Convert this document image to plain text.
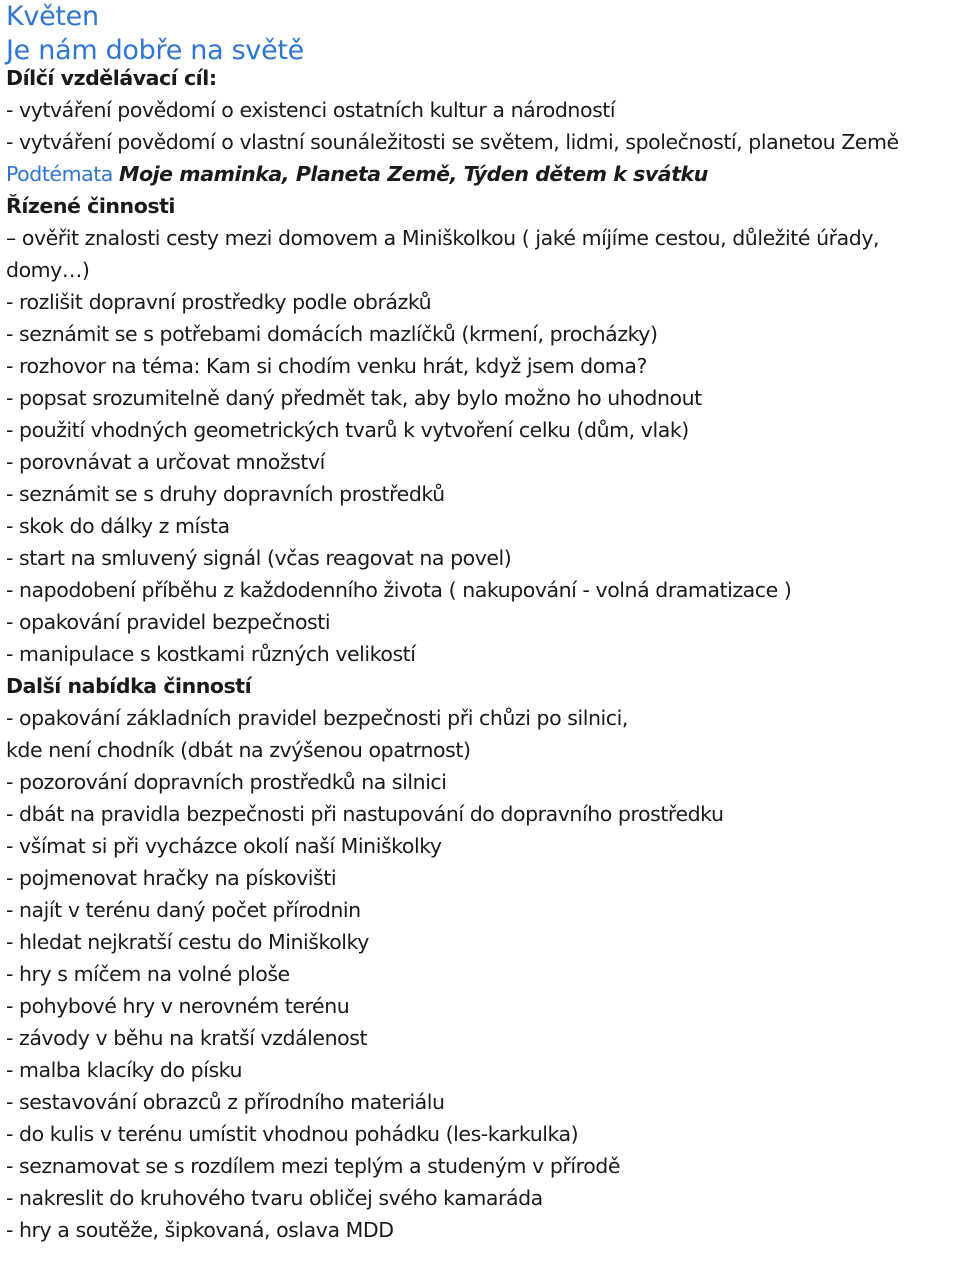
Květen
Je nám dobře na světě
Dílčí vzdělávací cíl:
- vytváření povědomí o existenci ostatních kultur a národností
- vytváření povědomí o vlastní sounáležitosti se světem, lidmi, společností, planetou Země
Podtémata Moje maminka, Planeta Země, Týden dětem k svátku
Řízené činnosti
– ověřit znalosti cesty mezi domovem a Miniškolkou ( jaké míjíme cestou, důležité úřady,
domy…)
- rozlišit dopravní prostředky podle obrázků
- seznámit se s potřebami domácích mazlíčků (krmení, procházky)
- rozhovor na téma: Kam si chodím venku hrát, když jsem doma?
- popsat srozumitelně daný předmět tak, aby bylo možno ho uhodnout
- použití vhodných geometrických tvarů k vytvoření celku (dům, vlak)
- porovnávat a určovat množství
- seznámit se s druhy dopravních prostředků
- skok do dálky z místa
- start na smluvený signál (včas reagovat na povel)
- napodobení příběhu z každodenního života ( nakupování - volná dramatizace )
- opakování pravidel bezpečnosti
- manipulace s kostkami různých velikostí
Další nabídka činností
- opakování základních pravidel bezpečnosti při chůzi po silnici,
kde není chodník (dbát na zvýšenou opatrnost)
- pozorování dopravních prostředků na silnici
- dbát na pravidla bezpečnosti při nastupování do dopravního prostředku
- všímat si při vycházce okolí naší Miniškolky
- pojmenovat hračky na pískovišti
- najít v terénu daný počet přírodnin
- hledat nejkratší cestu do Miniškolky
- hry s míčem na volné ploše
- pohybové hry v nerovném terénu
- závody v běhu na kratší vzdálenost
- malba klacíky do písku
- sestavování obrazců z přírodního materiálu
- do kulis v terénu umístit vhodnou pohádku (les-karkulka)
- seznamovat se s rozdílem mezi teplým a studeným v přírodě
- nakreslit do kruhového tvaru obličej svého kamaráda
- hry a soutěže, šipkovaná, oslava MDD
